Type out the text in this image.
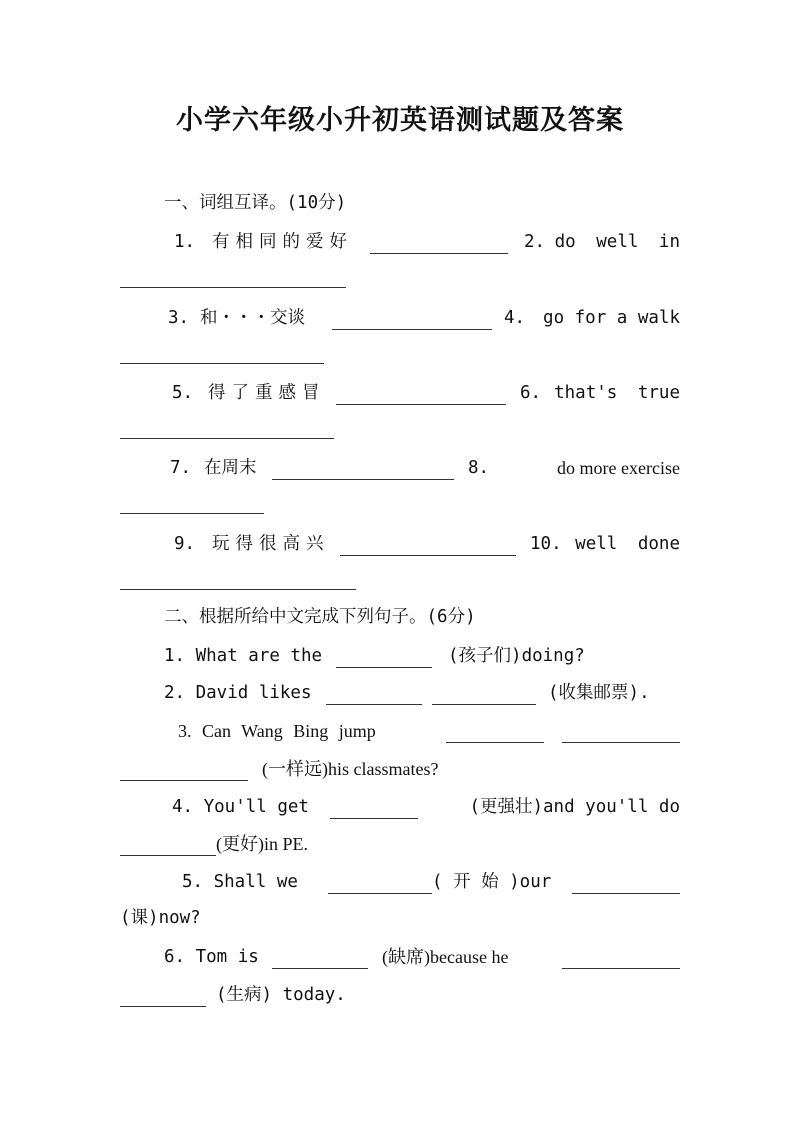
小学六年级小升初英语测试题及答案
一、词组互译。(10分)
1. 有相同的爱好	2. do well in
3. 和・・・交谈	4. go for a walk
5. 得了重感冒	6. that's true
7. 在周末	8.	do more exercise
9. 玩得很高兴	10. well done
二、根据所给中文完成下列句子。(6分)
1. What are the	(孩子们)doing?
2. David likes	(收集邮票).
3. Can Wang Bing jump
(一样远)his classmates?
4. You'll get	(更强壮)and you'll do
(更好)in PE.
5. Shall we	( 开 始 )our
(课)now?
6. Tom is	(缺席)because he
(生病) today.
